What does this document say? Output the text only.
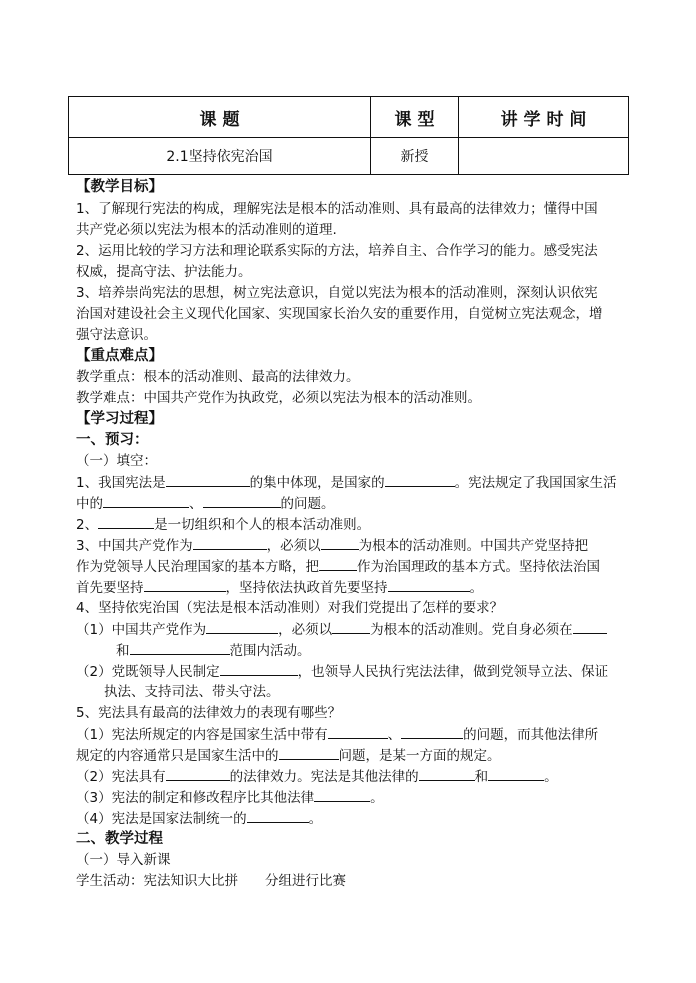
课 题	课 型	讲 学 时 间
2.1坚持依宪治国	新授	
【教学目标】
1、了解现行宪法的构成，理解宪法是根本的活动准则、具有最高的法律效力；懂得中国
共产党必须以宪法为根本的活动准则的道理.
2、运用比较的学习方法和理论联系实际的方法，培养自主、合作学习的能力。感受宪法
权威，提高守法、护法能力。
3、培养崇尚宪法的思想，树立宪法意识，自觉以宪法为根本的活动准则，深刻认识依宪
治国对建设社会主义现代化国家、实现国家长治久安的重要作用，自觉树立宪法观念，增
强守法意识。
【重点难点】
教学重点：根本的活动准则、最高的法律效力。
教学难点：中国共产党作为执政党，必须以宪法为根本的活动准则。
【学习过程】
一、预习：
（一）填空：
1、我国宪法是	的集中体现，是国家的	。宪法规定了我国国家生活
中的	、	的问题。
2、	是一切组织和个人的根本活动准则。
3、中国共产党作为	，必须以	为根本的活动准则。中国共产党坚持把
作为党领导人民治理国家的基本方略，把	作为治国理政的基本方式。坚持依法治国
首先要坚持	，坚持依法执政首先要坚持	。
4、坚持依宪治国（宪法是根本活动准则）对我们党提出了怎样的要求？
（1）中国共产党作为	，必须以	为根本的活动准则。党自身必须在
和	范围内活动。
（2）党既领导人民制定	，也领导人民执行宪法法律，做到党领导立法、保证
执法、支持司法、带头守法。
5、宪法具有最高的法律效力的表现有哪些？
（1）宪法所规定的内容是国家生活中带有	、	的问题，而其他法律所
规定的内容通常只是国家生活中的	问题，是某一方面的规定。
（2）宪法具有	的法律效力。宪法是其他法律的	和	。
（3）宪法的制定和修改程序比其他法律	。
（4）宪法是国家法制统一的	。
二、教学过程
（一）导入新课
学生活动：宪法知识大比拼　　分组进行比赛
